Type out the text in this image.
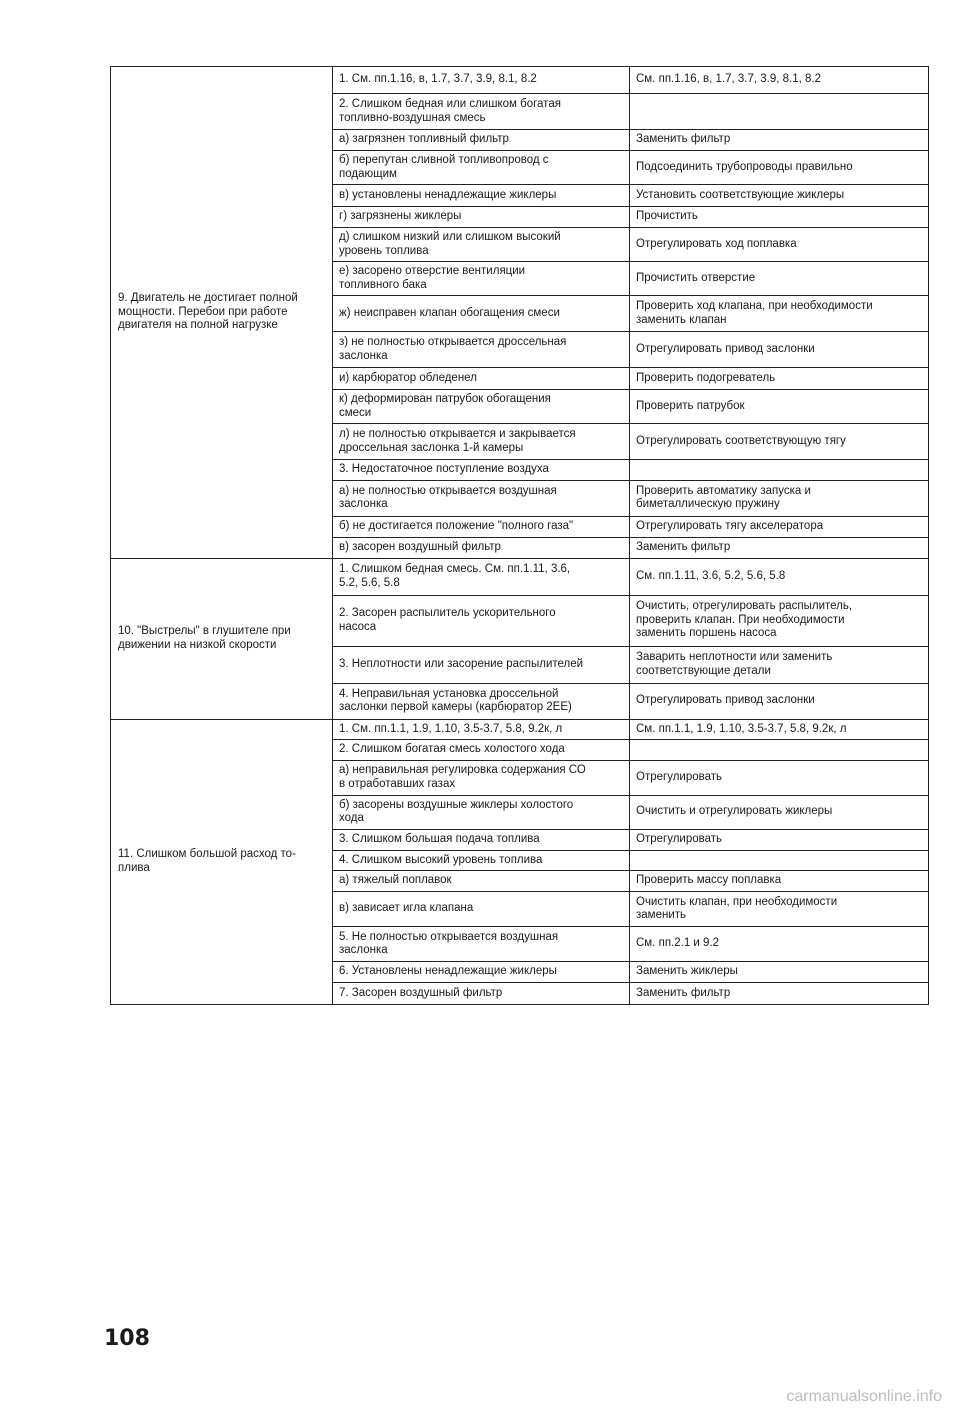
9. Двигатель не достигает полной мощности. Перебои при работе двигателя на полной нагрузке	1. См. пп.1.16, в, 1.7, 3.7, 3.9, 8.1, 8.2	См. пп.1.16, в, 1.7, 3.7, 3.9, 8.1, 8.2
	2. Слишком бедная или слишком богатая
топливно-воздушная смесь	
	а) загрязнен топливный фильтр	Заменить фильтр
	б) перепутан сливной топливопровод с
подающим	Подсоединить трубопроводы правильно
	в) установлены ненадлежащие жиклеры	Установить соответствующие жиклеры
	г) загрязнены жиклеры	Прочистить
	д) слишком низкий или слишком высокий
уровень топлива	Отрегулировать ход поплавка
	е) засорено отверстие вентиляции
топливного бака	Прочистить отверстие
	ж) неисправен клапан обогащения смеси	Проверить ход клапана, при необходимости
заменить клапан
	з) не полностью открывается дроссельная
заслонка	Отрегулировать привод заслонки
	и) карбюратор обледенел	Проверить подогреватель
	к) деформирован патрубок обогащения
смеси	Проверить патрубок
	л) не полностью открывается и закрывается
дроссельная заслонка 1-й камеры	Отрегулировать соответствующую тягу
	3. Недостаточное поступление воздуха	
	а) не полностью открывается воздушная
заслонка	Проверить автоматику запуска и
биметаллическую пружину
	б) не достигается положение "полного газа"	Отрегулировать тягу акселератора
	в) засорен воздушный фильтр	Заменить фильтр
10. "Выстрелы" в глушителе при движении на низкой скорости	1. Слишком бедная смесь. См. пп.1.11, 3.6,
5.2, 5.6, 5.8	См. пп.1.11, 3.6, 5.2, 5.6, 5.8
	2. Засорен распылитель ускорительного
насоса	Очистить, отрегулировать распылитель,
проверить клапан. При необходимости
заменить поршень насоса
	3. Неплотности или засорение распылителей	Заварить неплотности или заменить
соответствующие детали
	4. Неправильная установка дроссельной
заслонки первой камеры (карбюратор 2ЕЕ)	Отрегулировать привод заслонки
11. Слишком большой расход то-
плива	1. См. пп.1.1, 1.9, 1.10, 3.5-3.7, 5.8, 9.2к, л	См. пп.1.1, 1.9, 1.10, 3.5-3.7, 5.8, 9.2к, л
	2. Слишком богатая смесь холостого хода	
	а) неправильная регулировка содержания СО
в отработавших газах	Отрегулировать
	б) засорены воздушные жиклеры холостого
хода	Очистить и отрегулировать жиклеры
	3. Слишком большая подача топлива	Отрегулировать
	4. Слишком высокий уровень топлива	
	а) тяжелый поплавок	Проверить массу поплавка
	в) зависает игла клапана	Очистить клапан, при необходимости
заменить
	5. Не полностью открывается воздушная
заслонка	См. пп.2.1 и 9.2
	6. Установлены ненадлежащие жиклеры	Заменить жиклеры
	7. Засорен воздушный фильтр	Заменить фильтр
108
carmanualsonline.info
